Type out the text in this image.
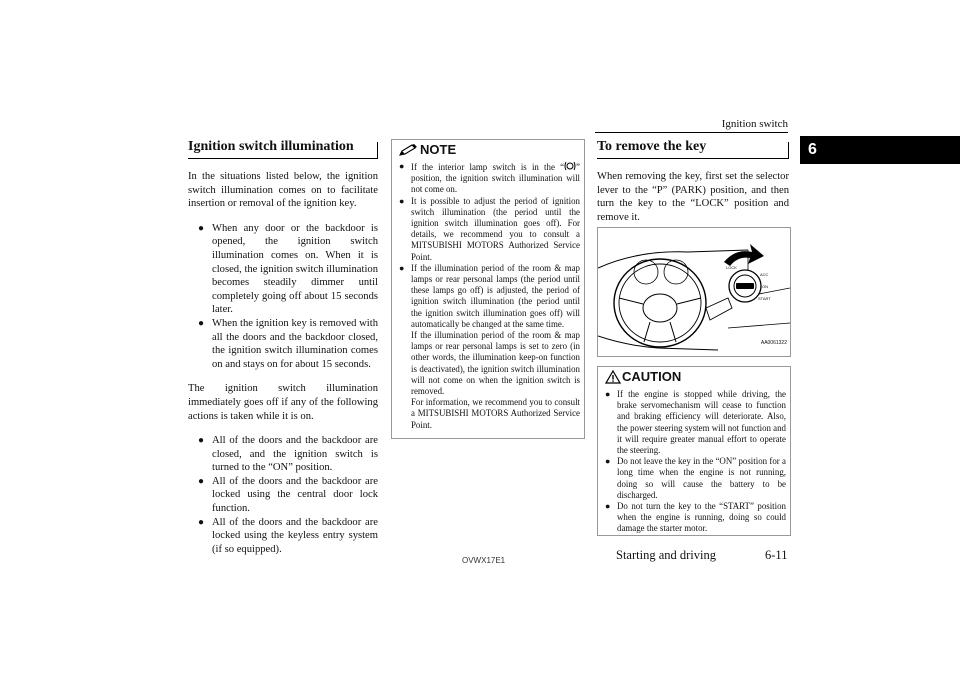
Ignition switch
6
Ignition switch illumination

In the situations listed below, the ignition switch illumination comes on to facilitate insertion or removal of the ignition key.

● When any door or the backdoor is opened, the ignition switch illumination comes on. When it is closed, the ignition switch illumination becomes steadily dimmer until completely going off about 15 seconds later.
● When the ignition key is removed with all the doors and the backdoor closed, the ignition switch illumination comes on and stays on for about 15 seconds.

The ignition switch illumination immediately goes off if any of the following actions is taken while it is on.

● All of the doors and the backdoor are closed, and the ignition switch is turned to the “ON” position.
● All of the doors and the backdoor are locked using the central door lock function.
● All of the doors and the backdoor are locked using the keyless entry system (if so equipped).
NOTE
● If the interior lamp switch is in the “ ” position, the ignition switch illumination will not come on.
● It is possible to adjust the period of ignition switch illumination (the period until the ignition switch illumination goes off). For details, we recommend you to consult a MITSUBISHI MOTORS Authorized Service Point.
● If the illumination period of the room & map lamps or rear personal lamps (the period until these lamps go off) is adjusted, the period of ignition switch illumination (the period until the ignition switch illumination goes off) will automatically be changed at the same time.
If the illumination period of the room & map lamps or rear personal lamps is set to zero (in other words, the illumination keep-on function is deactivated), the ignition switch illumination will not come on when the ignition switch is removed.
For information, we recommend you to consult a MITSUBISHI MOTORS Authorized Service Point.
To remove the key
When removing the key, first set the selector lever to the “P” (PARK) position, and then turn the key to the “LOCK” position and remove it.
LOCK
ACC
ON
START
AA0061322
CAUTION
● If the engine is stopped while driving, the brake servomechanism will cease to function and braking efficiency will deteriorate. Also, the power steering system will not function and it will require greater manual effort to operate the steering.
● Do not leave the key in the “ON” position for a long time when the engine is not running, doing so will cause the battery to be discharged.
● Do not turn the key to the “START” position when the engine is running, doing so could damage the starter motor.
OVWX17E1	Starting and driving	6-11
